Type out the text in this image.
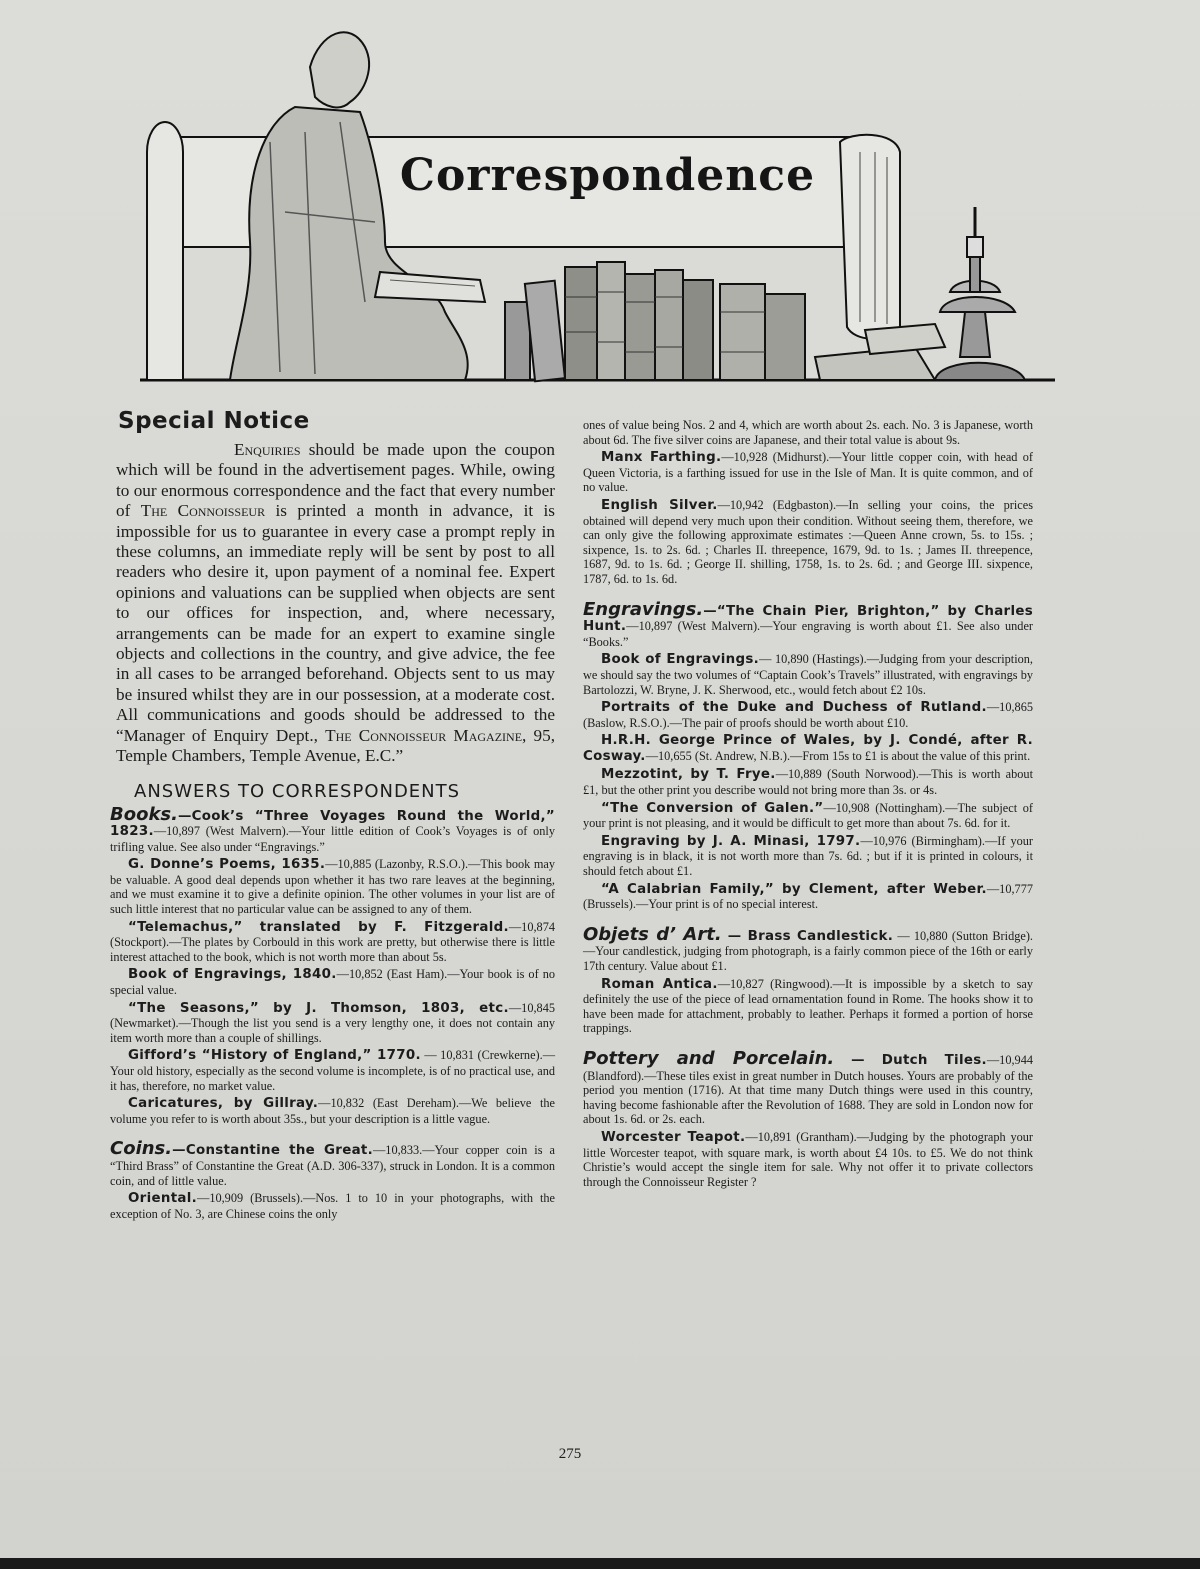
Correspondence
Special Notice

Enquiries should be made upon the coupon which will be found in the advertisement pages. While, owing to our enormous correspondence and the fact that every number of The Connoisseur is printed a month in advance, it is impossible for us to guarantee in every case a prompt reply in these columns, an immediate reply will be sent by post to all readers who desire it, upon payment of a nominal fee. Expert opinions and valuations can be supplied when objects are sent to our offices for inspection, and, where necessary, arrangements can be made for an expert to examine single objects and collections in the country, and give advice, the fee in all cases to be arranged beforehand. Objects sent to us may be insured whilst they are in our possession, at a moderate cost. All communications and goods should be addressed to the “Manager of Enquiry Dept., The Connoisseur Magazine, 95, Temple Chambers, Temple Avenue, E.C.”

ANSWERS TO CORRESPONDENTS

Books.—Cook’s “Three Voyages Round the World,” 1823.—10,897 (West Malvern).—Your little edition of Cook’s Voyages is of only trifling value. See also under “Engravings.”

G. Donne’s Poems, 1635.—10,885 (Lazonby, R.S.O.).—This book may be valuable. A good deal depends upon whether it has two rare leaves at the beginning, and we must examine it to give a definite opinion. The other volumes in your list are of such little interest that no particular value can be assigned to any of them.

“Telemachus,” translated by F. Fitzgerald.—10,874 (Stockport).—The plates by Corbould in this work are pretty, but otherwise there is little interest attached to the book, which is not worth more than about 5s.

Book of Engravings, 1840.—10,852 (East Ham).—Your book is of no special value.

“The Seasons,” by J. Thomson, 1803, etc.—10,845 (Newmarket).—Though the list you send is a very lengthy one, it does not contain any item worth more than a couple of shillings.

Gifford’s “History of England,” 1770. — 10,831 (Crewkerne).—Your old history, especially as the second volume is incomplete, is of no practical use, and it has, therefore, no market value.

Caricatures, by Gillray.—10,832 (East Dereham).—We believe the volume you refer to is worth about 35s., but your description is a little vague.

Coins.—Constantine the Great.—10,833.—Your copper coin is a “Third Brass” of Constantine the Great (A.D. 306-337), struck in London. It is a common coin, and of little value.

Oriental.—10,909 (Brussels).—Nos. 1 to 10 in your photographs, with the exception of No. 3, are Chinese coins the only

ones of value being Nos. 2 and 4, which are worth about 2s. each. No. 3 is Japanese, worth about 6d. The five silver coins are Japanese, and their total value is about 9s.

Manx Farthing.—10,928 (Midhurst).—Your little copper coin, with head of Queen Victoria, is a farthing issued for use in the Isle of Man. It is quite common, and of no value.

English Silver.—10,942 (Edgbaston).—In selling your coins, the prices obtained will depend very much upon their condition. Without seeing them, therefore, we can only give the following approximate estimates :—Queen Anne crown, 5s. to 15s. ; sixpence, 1s. to 2s. 6d. ; Charles II. threepence, 1679, 9d. to 1s. ; James II. threepence, 1687, 9d. to 1s. 6d. ; George II. shilling, 1758, 1s. to 2s. 6d. ; and George III. sixpence, 1787, 6d. to 1s. 6d.

Engravings.—“The Chain Pier, Brighton,” by Charles Hunt.—10,897 (West Malvern).—Your engraving is worth about £1. See also under “Books.”

Book of Engravings.— 10,890 (Hastings).—Judging from your description, we should say the two volumes of “Captain Cook’s Travels” illustrated, with engravings by Bartolozzi, W. Bryne, J. K. Sherwood, etc., would fetch about £2 10s.

Portraits of the Duke and Duchess of Rutland.—10,865 (Baslow, R.S.O.).—The pair of proofs should be worth about £10.

H.R.H. George Prince of Wales, by J. Condé, after R. Cosway.—10,655 (St. Andrew, N.B.).—From 15s to £1 is about the value of this print.

Mezzotint, by T. Frye.—10,889 (South Norwood).—This is worth about £1, but the other print you describe would not bring more than 3s. or 4s.

“The Conversion of Galen.”—10,908 (Nottingham).—The subject of your print is not pleasing, and it would be difficult to get more than about 7s. 6d. for it.

Engraving by J. A. Minasi, 1797.—10,976 (Birmingham).—If your engraving is in black, it is not worth more than 7s. 6d. ; but if it is printed in colours, it should fetch about £1.

“A Calabrian Family,” by Clement, after Weber.—10,777 (Brussels).—Your print is of no special interest.

Objets d’ Art. — Brass Candlestick. — 10,880 (Sutton Bridge).—Your candlestick, judging from photograph, is a fairly common piece of the 16th or early 17th century. Value about £1.

Roman Antica.—10,827 (Ringwood).—It is impossible by a sketch to say definitely the use of the piece of lead ornamentation found in Rome. The hooks show it to have been made for attachment, probably to leather. Perhaps it formed a portion of horse trappings.

Pottery and Porcelain. — Dutch Tiles.—10,944 (Blandford).—These tiles exist in great number in Dutch houses. Yours are probably of the period you mention (1716). At that time many Dutch things were used in this country, having become fashionable after the Revolution of 1688. They are sold in London now for about 1s. 6d. or 2s. each.

Worcester Teapot.—10,891 (Grantham).—Judging by the photograph your little Worcester teapot, with square mark, is worth about £4 10s. to £5. We do not think Christie’s would accept the single item for sale. Why not offer it to private collectors through the Connoisseur Register ?

275
